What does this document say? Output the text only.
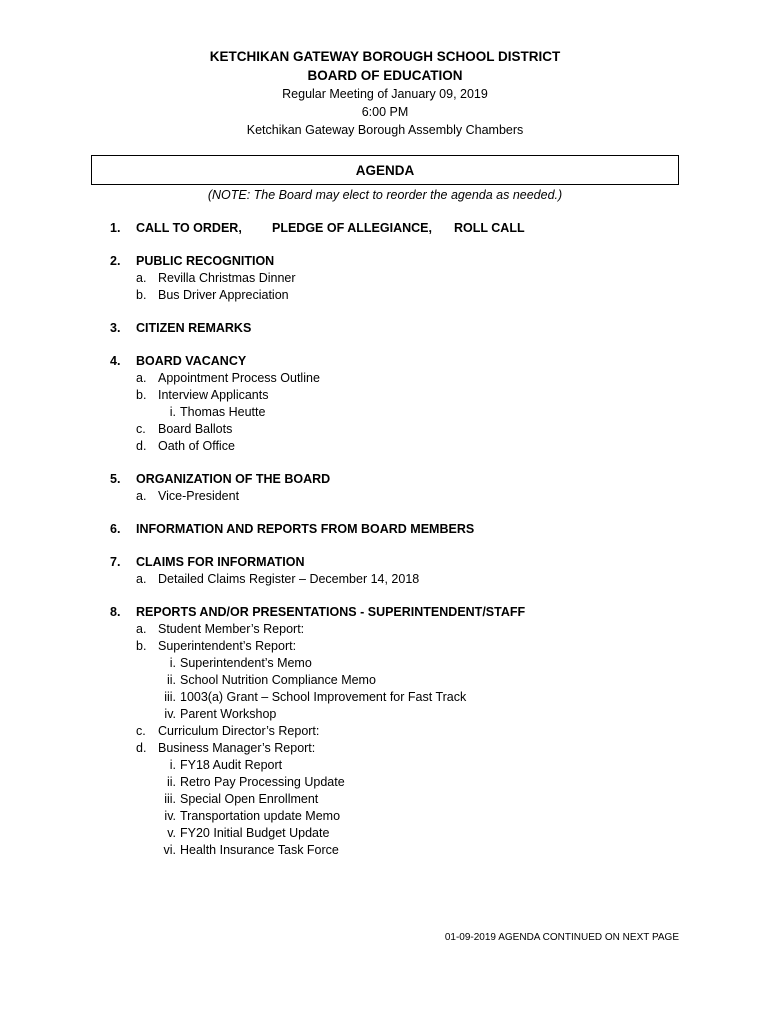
KETCHIKAN GATEWAY BOROUGH SCHOOL DISTRICT
BOARD OF EDUCATION
Regular Meeting of January 09, 2019
6:00 PM
Ketchikan Gateway Borough Assembly Chambers
AGENDA
(NOTE: The Board may elect to reorder the agenda as needed.)
1.	CALL TO ORDER,	PLEDGE OF ALLEGIANCE,	ROLL CALL
2.	PUBLIC RECOGNITION
a. Revilla Christmas Dinner
b. Bus Driver Appreciation
3.	CITIZEN REMARKS
4.	BOARD VACANCY
a. Appointment Process Outline
b. Interview Applicants
i. Thomas Heutte
c. Board Ballots
d. Oath of Office
5.	ORGANIZATION OF THE BOARD
a. Vice-President
6.	INFORMATION AND REPORTS FROM BOARD MEMBERS
7.	CLAIMS FOR INFORMATION
a. Detailed Claims Register – December 14, 2018
8.	REPORTS AND/OR PRESENTATIONS - SUPERINTENDENT/STAFF
a. Student Member’s Report:
b. Superintendent’s Report:
i. Superintendent’s Memo
ii. School Nutrition Compliance Memo
iii. 1003(a) Grant – School Improvement for Fast Track
iv. Parent Workshop
c. Curriculum Director’s Report:
d. Business Manager’s Report:
i. FY18 Audit Report
ii. Retro Pay Processing Update
iii. Special Open Enrollment
iv. Transportation update Memo
v. FY20 Initial Budget Update
vi. Health Insurance Task Force
01-09-2019 AGENDA CONTINUED ON NEXT PAGE
